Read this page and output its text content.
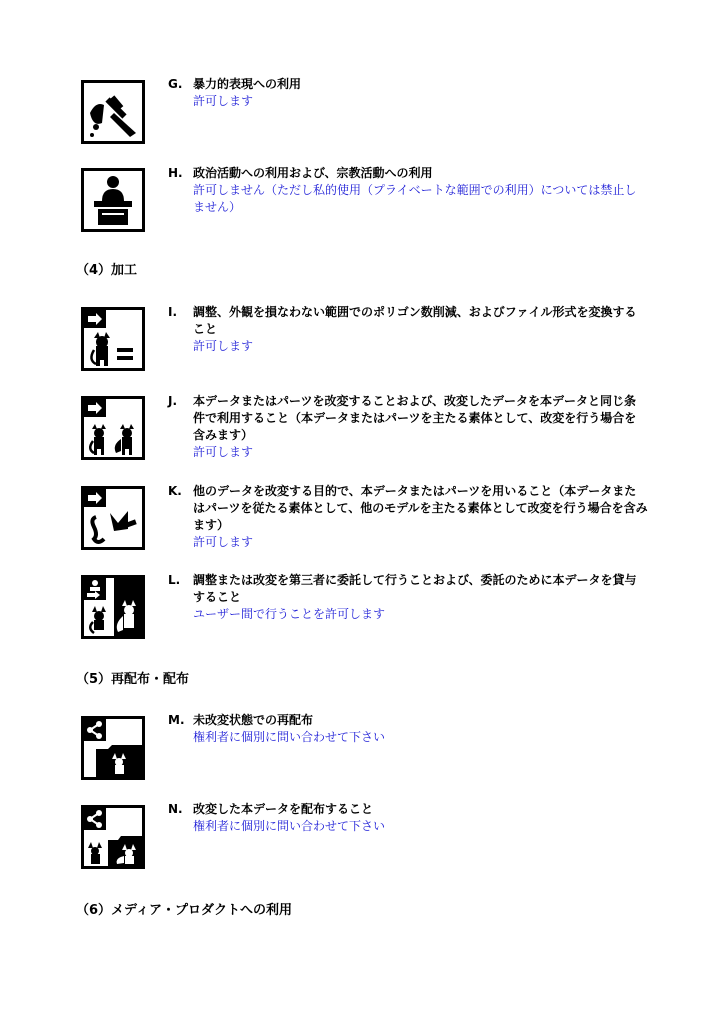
G. 暴力的表現への利用
許可します
H. 政治活動への利用および、宗教活動への利用
許可しません（ただし私的使用（プライベートな範囲での利用）については禁止しません）
（4）加工
I. 調整、外観を損なわない範囲でのポリゴン数削減、およびファイル形式を変換すること
許可します
J. 本データまたはパーツを改変することおよび、改変したデータを本データと同じ条件で利用すること（本データまたはパーツを主たる素体として、改変を行う場合を含みます）
許可します
K. 他のデータを改変する目的で、本データまたはパーツを用いること（本データまたはパーツを従たる素体として、他のモデルを主たる素体として改変を行う場合を含みます）
許可します
L. 調整または改変を第三者に委託して行うことおよび、委託のために本データを貸与すること
ユーザー間で行うことを許可します
（5）再配布・配布
M. 未改変状態での再配布
権利者に個別に問い合わせて下さい
N. 改変した本データを配布すること
権利者に個別に問い合わせて下さい
（6）メディア・プロダクトへの利用
